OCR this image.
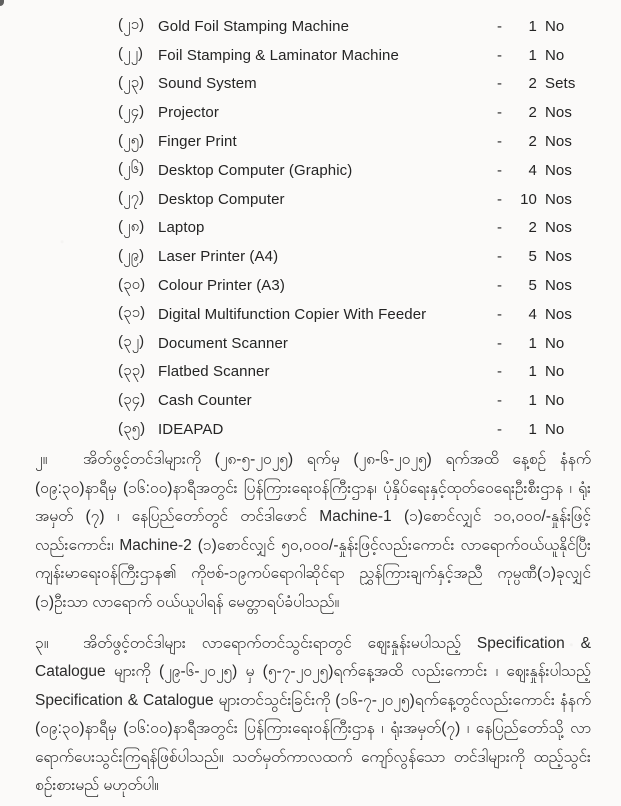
(၂၁) Gold Foil Stamping Machine	-	1 No
(၂၂) Foil Stamping & Laminator Machine	-	1 No
(၂၃) Sound System	-	2 Sets
(၂၄) Projector	-	2 Nos
(၂၅) Finger Print	-	2 Nos
(၂၆) Desktop Computer (Graphic)	-	4 Nos
(၂၇) Desktop Computer	-	10 Nos
(၂၈) Laptop	-	2 Nos
(၂၉) Laser Printer (A4)	-	5 Nos
(၃၀) Colour Printer (A3)	-	5 Nos
(၃၁) Digital Multifunction Copier With Feeder	-	4 Nos
(၃၂) Document Scanner	-	1 No
(၃၃) Flatbed Scanner	-	1 No
(၃၄) Cash Counter	-	1 No
(၃၅) IDEAPAD	-	1 No

၂။ အိတ်ဖွင့်တင်ဒါများကို (၂၈-၅-၂၀၂၅) ရက်မှ (၂၈-၆-၂၀၂၅) ရက်အထိ နေ့စဉ် နံနက် (၀၉:၃၀)နာရီမှ (၁၆:၀၀)နာရီအတွင်း ပြန်ကြားရေးဝန်ကြီးဌာန၊ ပုံနှိပ်ရေးနှင့်ထုတ်ဝေရေးဦးစီးဌာန ၊ ရုံးအမှတ် (၇) ၊ နေပြည်တော်တွင် တင်ဒါဖောင် Machine-1 (၁)စောင်လျှင် ၁၀,၀၀၀/-နှုန်းဖြင့် လည်းကောင်း၊ Machine-2 (၁)စောင်လျှင် ၅၀,၀၀၀/-နှုန်းဖြင့်လည်းကောင်း လာရောက်ဝယ်ယူနိုင်ပြီး ကျန်းမာရေးဝန်ကြီးဌာန၏ ကိုဗစ်-၁၉ကပ်ရောဂါဆိုင်ရာ ညွှန်ကြားချက်နှင့်အညီ ကုမ္ပဏီ(၁)ခုလျှင် (၁)ဦးသာ လာရောက် ဝယ်ယူပါရန် မေတ္တာရပ်ခံပါသည်။

၃။ အိတ်ဖွင့်တင်ဒါများ လာရောက်တင်သွင်းရာတွင် ဈေးနှုန်းမပါသည့် Specification & Catalogue များကို (၂၉-၆-၂၀၂၅) မှ (၅-၇-၂၀၂၅)ရက်နေ့အထိ လည်းကောင်း ၊ ဈေးနှုန်းပါသည့် Specification & Catalogue များတင်သွင်းခြင်းကို (၁၆-၇-၂၀၂၅)ရက်နေ့တွင်လည်းကောင်း နံနက် (၀၉:၃၀)နာရီမှ (၁၆:၀၀)နာရီအတွင်း ပြန်ကြားရေးဝန်ကြီးဌာန ၊ ရုံးအမှတ်(၇) ၊ နေပြည်တော်သို့ လာရောက်ပေးသွင်းကြရန်ဖြစ်ပါသည်။ သတ်မှတ်ကာလထက် ကျော်လွန်သော တင်ဒါများကို ထည့်သွင်းစဉ်းစားမည် မဟုတ်ပါ။
